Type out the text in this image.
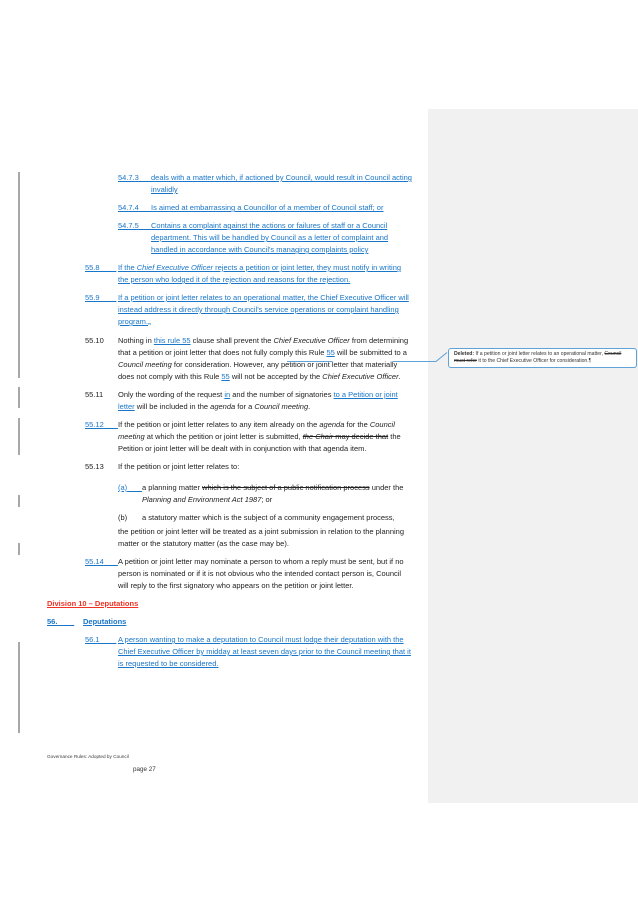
54.7.3	deals with a matter which, if actioned by Council, would result in Council acting invalidly
54.7.4	Is aimed at embarrassing a Councillor of a member of Council staff; or
54.7.5	Contains a complaint against the actions or failures of staff or a Council department. This will be handled by Council as a letter of complaint and handled in accordance with Council's managing complaints policy
55.8	If the Chief Executive Officer rejects a petition or joint letter, they must notify in writing the person who lodged it of the rejection and reasons for the rejection.
55.9	If a petition or joint letter relates to an operational matter, the Chief Executive Officer will instead address it directly through Council's service operations or complaint handling program.„
55.10	Nothing in this rule 55 clause shall prevent the Chief Executive Officer from determining that a petition or joint letter that does not fully comply this Rule 55 will be submitted to a Council meeting for consideration. However, any petition or joint letter that materially does not comply with this Rule 55 will not be accepted by the Chief Executive Officer.
55.11	Only the wording of the request in and the number of signatories to a Petition or joint letter will be included in the agenda for a Council meeting.
55.12	If the petition or joint letter relates to any item already on the agenda for the Council meeting at which the petition or joint letter is submitted, the Chair may decide that the Petition or joint letter will be dealt with in conjunction with that agenda item.
55.13	If the petition or joint letter relates to:
(a)	a planning matter which is the subject of a public notification process under the Planning and Environment Act 1987; or
(b)	a statutory matter which is the subject of a community engagement process,
the petition or joint letter will be treated as a joint submission in relation to the planning matter or the statutory matter (as the case may be).
55.14	A petition or joint letter may nominate a person to whom a reply must be sent, but if no person is nominated or if it is not obvious who the intended contact person is, Council will reply to the first signatory who appears on the petition or joint letter.
Division 10 – Deputations
56.	Deputations
56.1	A person wanting to make a deputation to Council must lodge their deputation with the Chief Executive Officer by midday at least seven days prior to the Council meeting that it is requested to be considered.
Deleted: If a petition or joint letter relates to an operational matter, Council must refer it to the Chief Executive Officer for consideration.¶
Governance Rules: Adopted by Council
page 27
